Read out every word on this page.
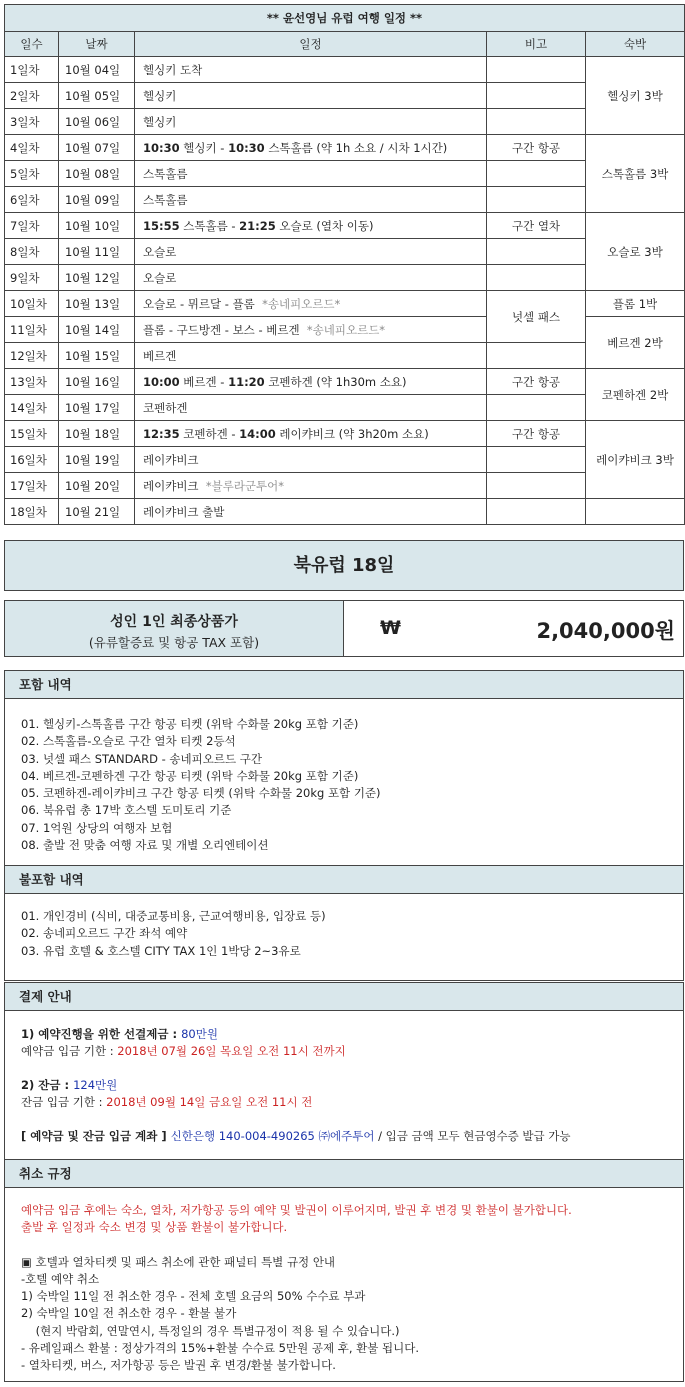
** 윤선영님 유럽 여행 일정 **				
일수	날짜	일정	비고	숙박
1일차	10월 04일	헬싱키 도착		헬싱키 3박
2일차	10월 05일	헬싱키		
3일차	10월 06일	헬싱키		
4일차	10월 07일	10:30 헬싱키 - 10:30 스톡홀름 (약 1h 소요 / 시차 1시간)	구간 항공	스톡홀름 3박
5일차	10월 08일	스톡홀름		
6일차	10월 09일	스톡홀름		
7일차	10월 10일	15:55 스톡홀름 - 21:25 오슬로 (열차 이동)	구간 열차	오슬로 3박
8일차	10월 11일	오슬로		
9일차	10월 12일	오슬로		
10일차	10월 13일	오슬로 - 뮈르달 - 플롬 *송네피오르드*	넛셀 패스	플롬 1박
11일차	10월 14일	플롬 - 구드방겐 - 보스 - 베르겐 *송네피오르드*		베르겐 2박
12일차	10월 15일	베르겐		
13일차	10월 16일	10:00 베르겐 - 11:20 코펜하겐 (약 1h30m 소요)	구간 항공	코펜하겐 2박
14일차	10월 17일	코펜하겐		
15일차	10월 18일	12:35 코펜하겐 - 14:00 레이캬비크 (약 3h20m 소요)	구간 항공	레이캬비크 3박
16일차	10월 19일	레이캬비크		
17일차	10월 20일	레이캬비크 *블루라군투어*		
18일차	10월 21일	레이캬비크 출발		
북유럽 18일
성인 1인 최종상품가
(유류할증료 및 항공 TAX 포함)
₩	2,040,000원
포함 내역
01. 헬싱키-스톡홀름 구간 항공 티켓 (위탁 수화물 20kg 포함 기준)
02. 스톡홀름-오슬로 구간 열차 티켓 2등석
03. 넛셀 패스 STANDARD - 송네피오르드 구간
04. 베르겐-코펜하겐 구간 항공 티켓 (위탁 수화물 20kg 포함 기준)
05. 코펜하겐-레이캬비크 구간 항공 티켓 (위탁 수화물 20kg 포함 기준)
06. 북유럽 총 17박 호스텔 도미토리 기준
07. 1억원 상당의 여행자 보험
08. 출발 전 맞춤 여행 자료 및 개별 오리엔테이션
불포함 내역
01. 개인경비 (식비, 대중교통비용, 근교여행비용, 입장료 등)
02. 송네피오르드 구간 좌석 예약
03. 유럽 호텔 & 호스텔 CITY TAX 1인 1박당 2~3유로
결제 안내
1) 예약진행을 위한 선결제금 : 80만원
예약금 입금 기한 : 2018년 07월 26일 목요일 오전 11시 전까지
2) 잔금 : 124만원
잔금 입금 기한 : 2018년 09월 14일 금요일 오전 11시 전
[ 예약금 및 잔금 입금 계좌 ] 신한은행 140-004-490265 ㈜에주투어 / 입금 금액 모두 현금영수증 발급 가능
취소 규정
예약금 입금 후에는 숙소, 열차, 저가항공 등의 예약 및 발권이 이루어지며, 발권 후 변경 및 환불이 불가합니다.
출발 후 일정과 숙소 변경 및 상품 환불이 불가합니다.
▣ 호텔과 열차티켓 및 패스 취소에 관한 패널티 특별 규정 안내
-호텔 예약 취소
1) 숙박일 11일 전 취소한 경우 - 전체 호텔 요금의 50% 수수료 부과
2) 숙박일 10일 전 취소한 경우 - 환불 불가
(현지 박람회, 연말연시, 특정일의 경우 특별규정이 적용 될 수 있습니다.)
- 유레일패스 환불 : 정상가격의 15%+환불 수수료 5만원 공제 후, 환불 됩니다.
- 열차티켓, 버스, 저가항공 등은 발권 후 변경/환불 불가합니다.
